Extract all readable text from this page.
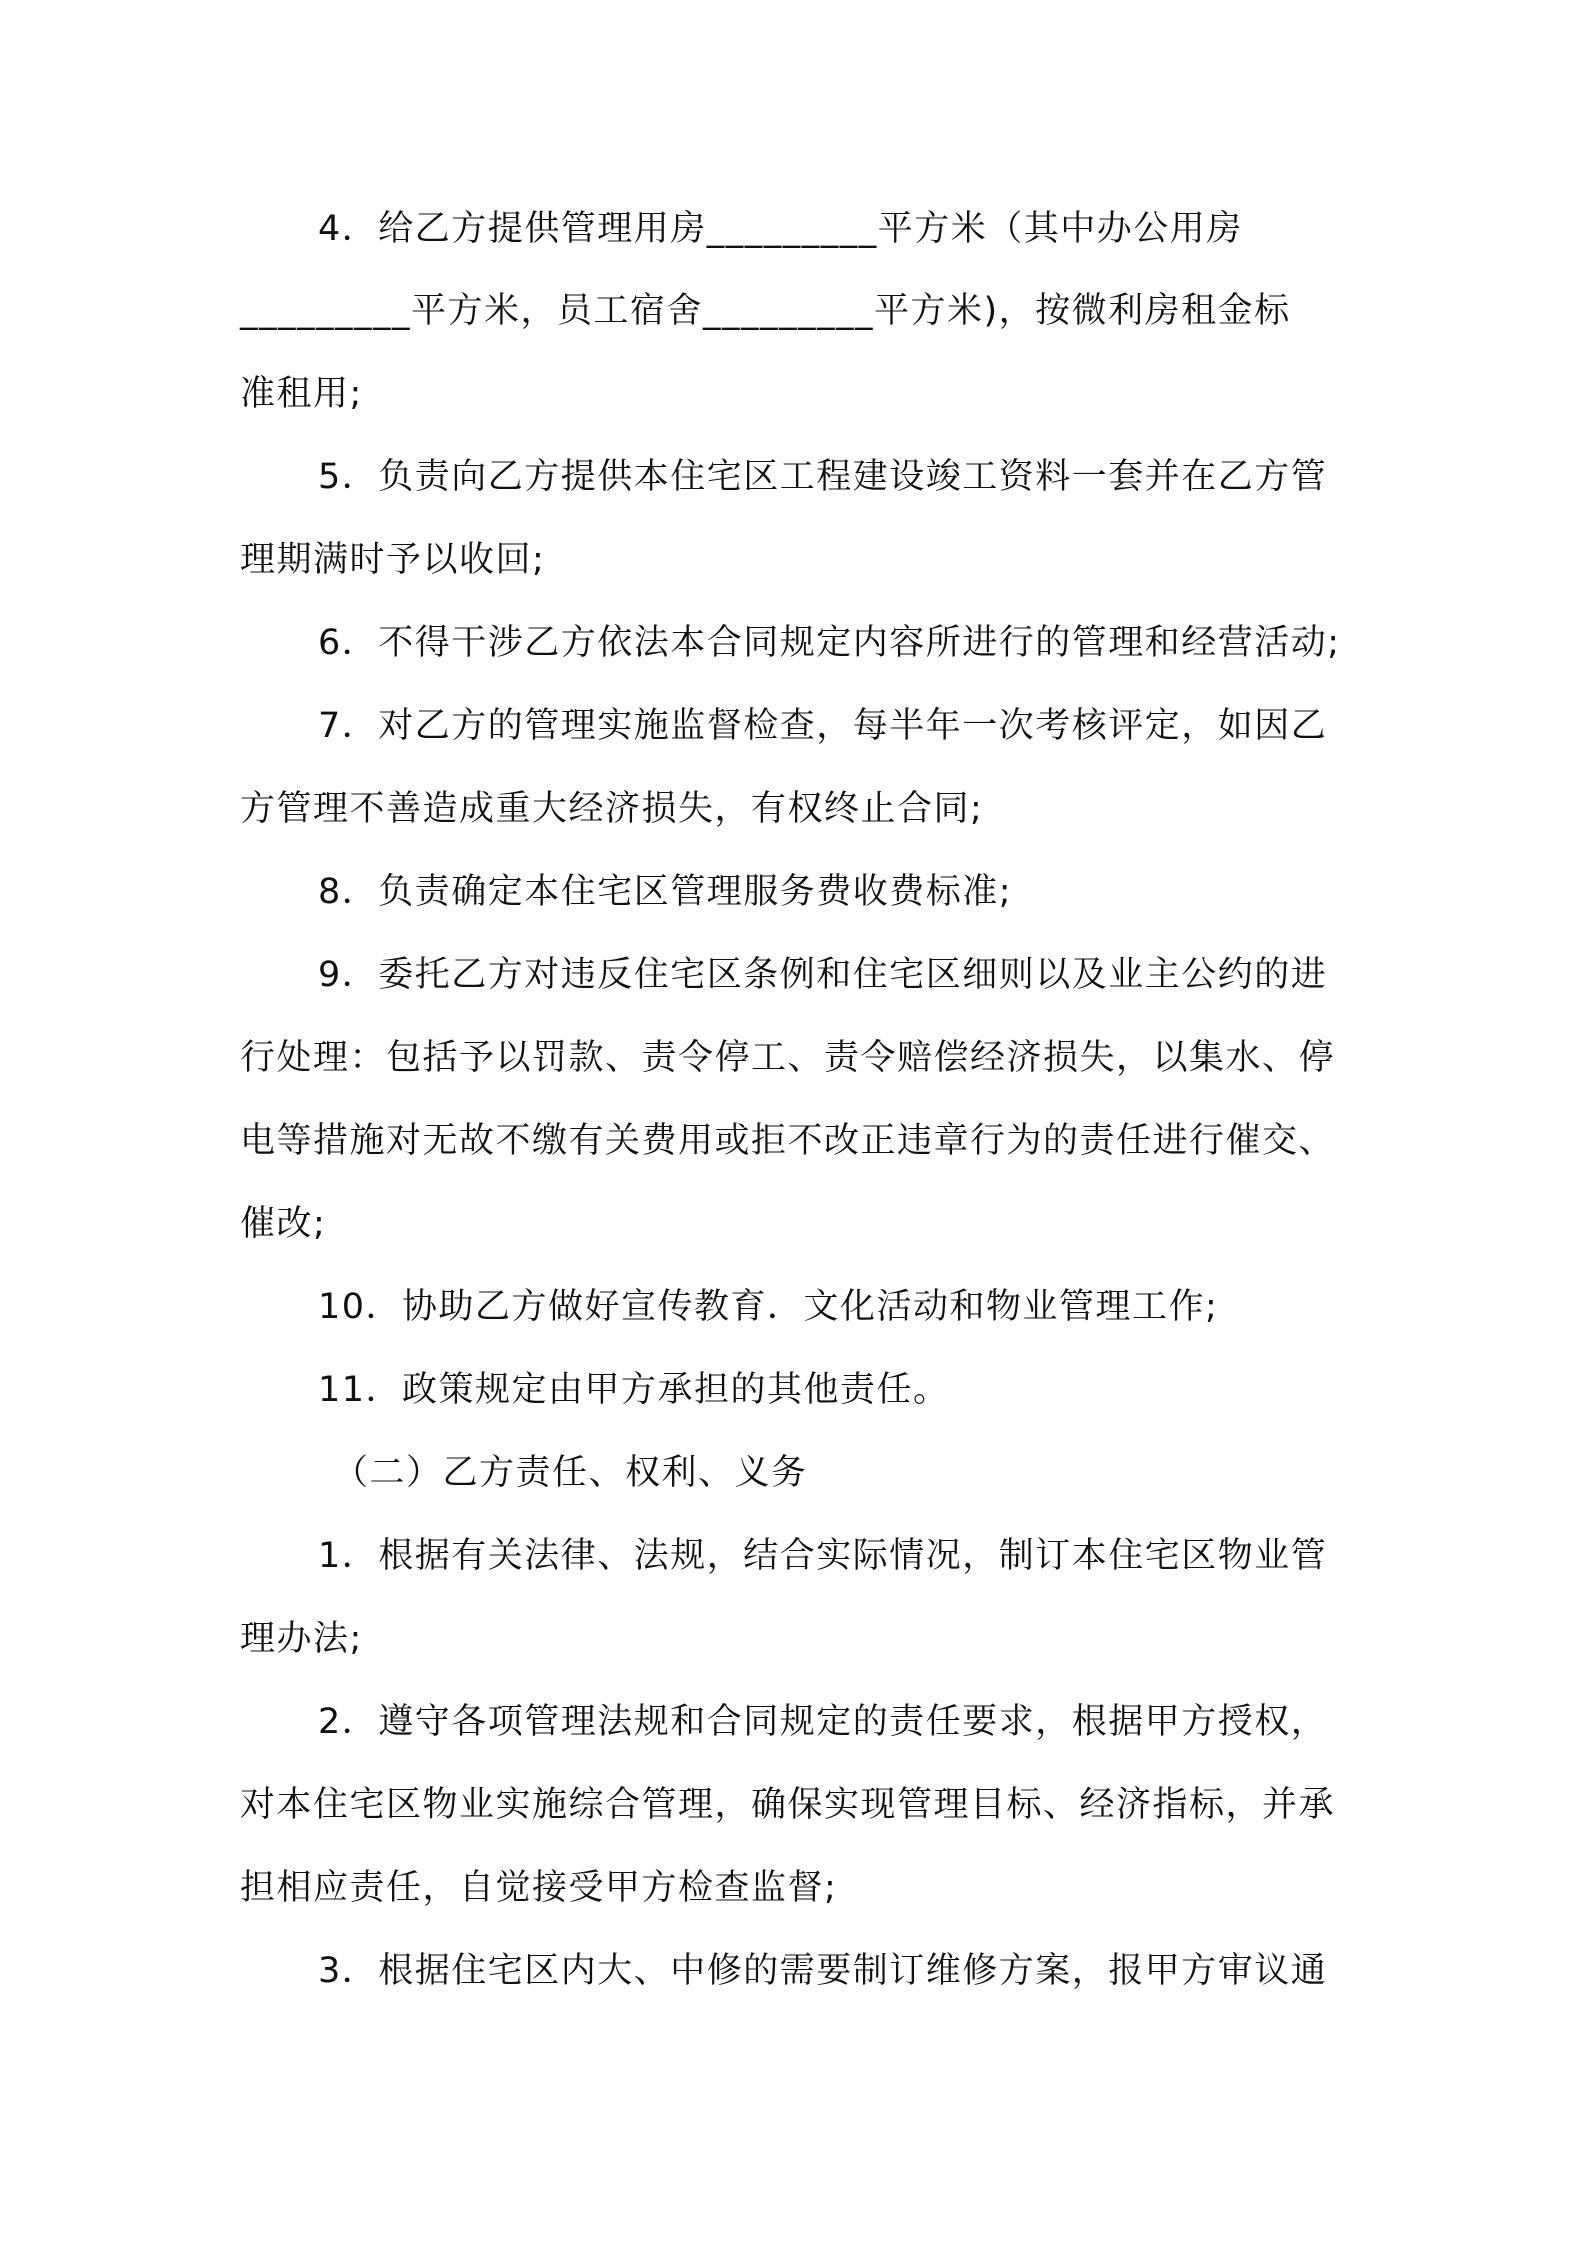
4．给乙方提供管理用房_________平方米（其中办公用房
_________平方米，员工宿舍_________平方米)，按微利房租金标
准租用;
5．负责向乙方提供本住宅区工程建设竣工资料一套并在乙方管
理期满时予以收回;
6．不得干涉乙方依法本合同规定内容所进行的管理和经营活动;
7．对乙方的管理实施监督检查，每半年一次考核评定，如因乙
方管理不善造成重大经济损失，有权终止合同;
8．负责确定本住宅区管理服务费收费标准;
9．委托乙方对违反住宅区条例和住宅区细则以及业主公约的进
行处理：包括予以罚款、责令停工、责令赔偿经济损失，以集水、停
电等措施对无故不缴有关费用或拒不改正违章行为的责任进行催交、
催改;
10．协助乙方做好宣传教育．文化活动和物业管理工作;
11．政策规定由甲方承担的其他责任。
（二）乙方责任、权利、义务
1．根据有关法律、法规，结合实际情况，制订本住宅区物业管
理办法;
2．遵守各项管理法规和合同规定的责任要求，根据甲方授权，
对本住宅区物业实施综合管理，确保实现管理目标、经济指标，并承
担相应责任，自觉接受甲方检查监督;
3．根据住宅区内大、中修的需要制订维修方案，报甲方审议通
